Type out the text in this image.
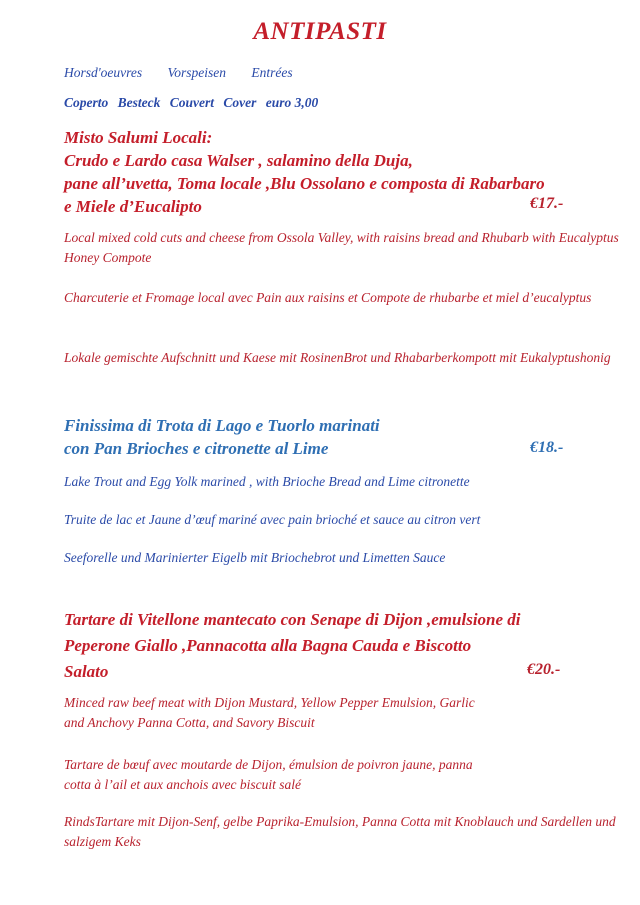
ANTIPASTI
Horsd'oeuvres Vorspeisen Entrées
Coperto Besteck Couvert Cover euro 3,00
Misto Salumi Locali:
Crudo e Lardo casa Walser , salamino della Duja,
pane all’uvetta, Toma locale ,Blu Ossolano e composta di Rabarbaro
e Miele d’Eucalipto	€17.-
Local mixed cold cuts and cheese from Ossola Valley, with raisins bread and Rhubarb with Eucalyptus Honey Compote
Charcuterie et Fromage local avec Pain aux raisins et Compote de rhubarbe et miel d’eucalyptus
Lokale gemischte Aufschnitt und Kaese mit RosinenBrot und Rhabarberkompott mit Eukalyptushonig
Finissima di Trota di Lago e Tuorlo marinati
con Pan Brioches e citronette al Lime	€18.-
Lake Trout and Egg Yolk marined , with Brioche Bread and Lime citronette
Truite de lac et Jaune d’œuf mariné avec pain brioché et sauce au citron vert
Seeforelle und Marinierter Eigelb mit Briochebrot und Limetten Sauce
Tartare di Vitellone mantecato con Senape di Dijon ,emulsione di
Peperone Giallo ,Pannacotta alla Bagna Cauda e Biscotto
Salato	€20.-
Minced raw beef meat with Dijon Mustard, Yellow Pepper Emulsion, Garlic and Anchovy Panna Cotta, and Savory Biscuit
Tartare de bœuf avec moutarde de Dijon, émulsion de poivron jaune, panna cotta à l’ail et aux anchois avec biscuit salé
RindsTartare mit Dijon-Senf, gelbe Paprika-Emulsion, Panna Cotta mit Knoblauch und Sardellen und salzigem Keks
